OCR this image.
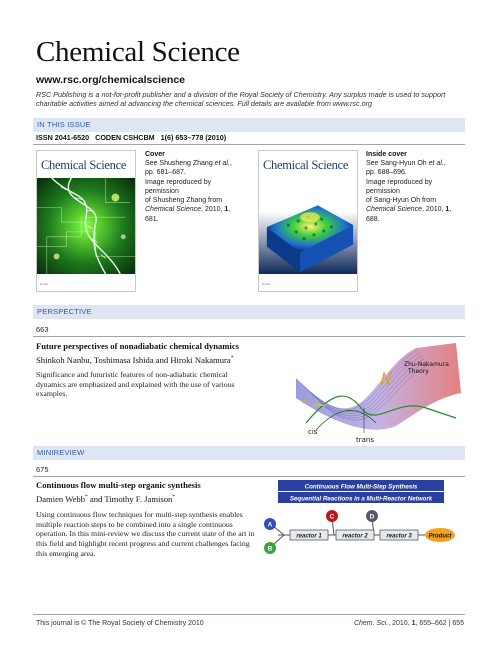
Chemical Science
www.rsc.org/chemicalscience
RSC Publishing is a not-for-profit publisher and a division of the Royal Society of Chemistry. Any surplus made is used to support charitable activities aimed at advancing the chemical sciences. Full details are available from www.rsc.org
IN THIS ISSUE
ISSN 2041-6520   CODEN CSHCBM   1(6) 653–778 (2010)
Chemical Science
▪▪▪ ▪▪▪▪
Cover
See Shusheng Zhang et al.,
pp. 681–687.
Image reproduced by permission
of Shusheng Zhang from
Chemical Science, 2010, 1, 681.
Chemical Science
▪▪▪ ▪▪▪▪
Inside cover
See Sang-Hyun Oh et al.,
pp. 688–696.
Image reproduced by permission
of Sang-Hyun Oh from
Chemical Science, 2010, 1, 688.
PERSPECTIVE
663
Future perspectives of nonadiabatic chemical dynamics
Shinkoh Nanbu, Toshimasa Ishida and Hiroki Nakamura*
Significance and futuristic features of non-adiabatic chemical dynamics are emphasized and explained with the use of various examples.
Zhu-Nakamura
Theory
hν
cis
trans
MINIREVIEW
675
Continuous flow multi-step organic synthesis
Damien Webb* and Timothy F. Jamison*
Using continuous flow techniques for multi-step synthesis enables multiple reaction steps to be combined into a single continuous operation. In this mini-review we discuss the current state of the art in this field and highlight recent progress and current challenges facing this emerging area.
Continuous Flow Multi-Step Synthesis
Sequential Reactions in a Multi-Reactor Network
reactor 1	reactor 2	reactor 3	Product
A
B
C	D
This journal is © The Royal Society of Chemistry 2010	Chem. Sci., 2010, 1, 655–662 | 655
